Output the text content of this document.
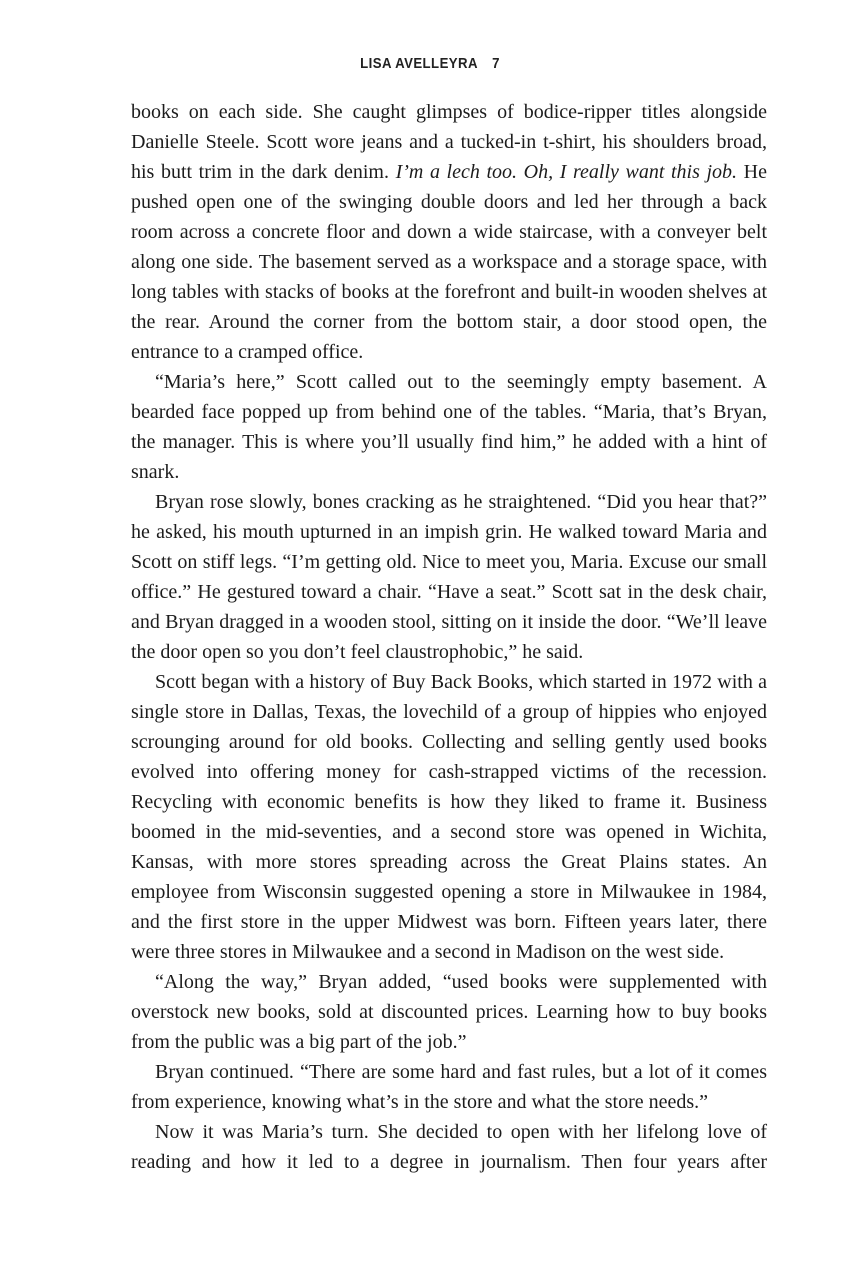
LISA AVELLEYRA 7

books on each side. She caught glimpses of bodice-ripper titles alongside Danielle Steele. Scott wore jeans and a tucked-in t-shirt, his shoulders broad, his butt trim in the dark denim. I’m a lech too. Oh, I really want this job. He pushed open one of the swinging double doors and led her through a back room across a concrete floor and down a wide staircase, with a conveyer belt along one side. The basement served as a workspace and a storage space, with long tables with stacks of books at the forefront and built-in wooden shelves at the rear. Around the corner from the bottom stair, a door stood open, the entrance to a cramped office.

“Maria’s here,” Scott called out to the seemingly empty basement. A bearded face popped up from behind one of the tables. “Maria, that’s Bryan, the manager. This is where you’ll usually find him,” he added with a hint of snark.

Bryan rose slowly, bones cracking as he straightened. “Did you hear that?” he asked, his mouth upturned in an impish grin. He walked toward Maria and Scott on stiff legs. “I’m getting old. Nice to meet you, Maria. Excuse our small office.” He gestured toward a chair. “Have a seat.” Scott sat in the desk chair, and Bryan dragged in a wooden stool, sitting on it inside the door. “We’ll leave the door open so you don’t feel claustrophobic,” he said.

Scott began with a history of Buy Back Books, which started in 1972 with a single store in Dallas, Texas, the lovechild of a group of hippies who enjoyed scrounging around for old books. Collecting and selling gently used books evolved into offering money for cash-strapped victims of the recession. Recycling with economic benefits is how they liked to frame it. Business boomed in the mid-seventies, and a second store was opened in Wichita, Kansas, with more stores spreading across the Great Plains states. An employee from Wisconsin suggested opening a store in Milwaukee in 1984, and the first store in the upper Midwest was born. Fifteen years later, there were three stores in Milwaukee and a second in Madison on the west side.

“Along the way,” Bryan added, “used books were supplemented with overstock new books, sold at discounted prices. Learning how to buy books from the public was a big part of the job.”

Bryan continued. “There are some hard and fast rules, but a lot of it comes from experience, knowing what’s in the store and what the store needs.”

Now it was Maria’s turn. She decided to open with her lifelong love of reading and how it led to a degree in journalism. Then four years after
